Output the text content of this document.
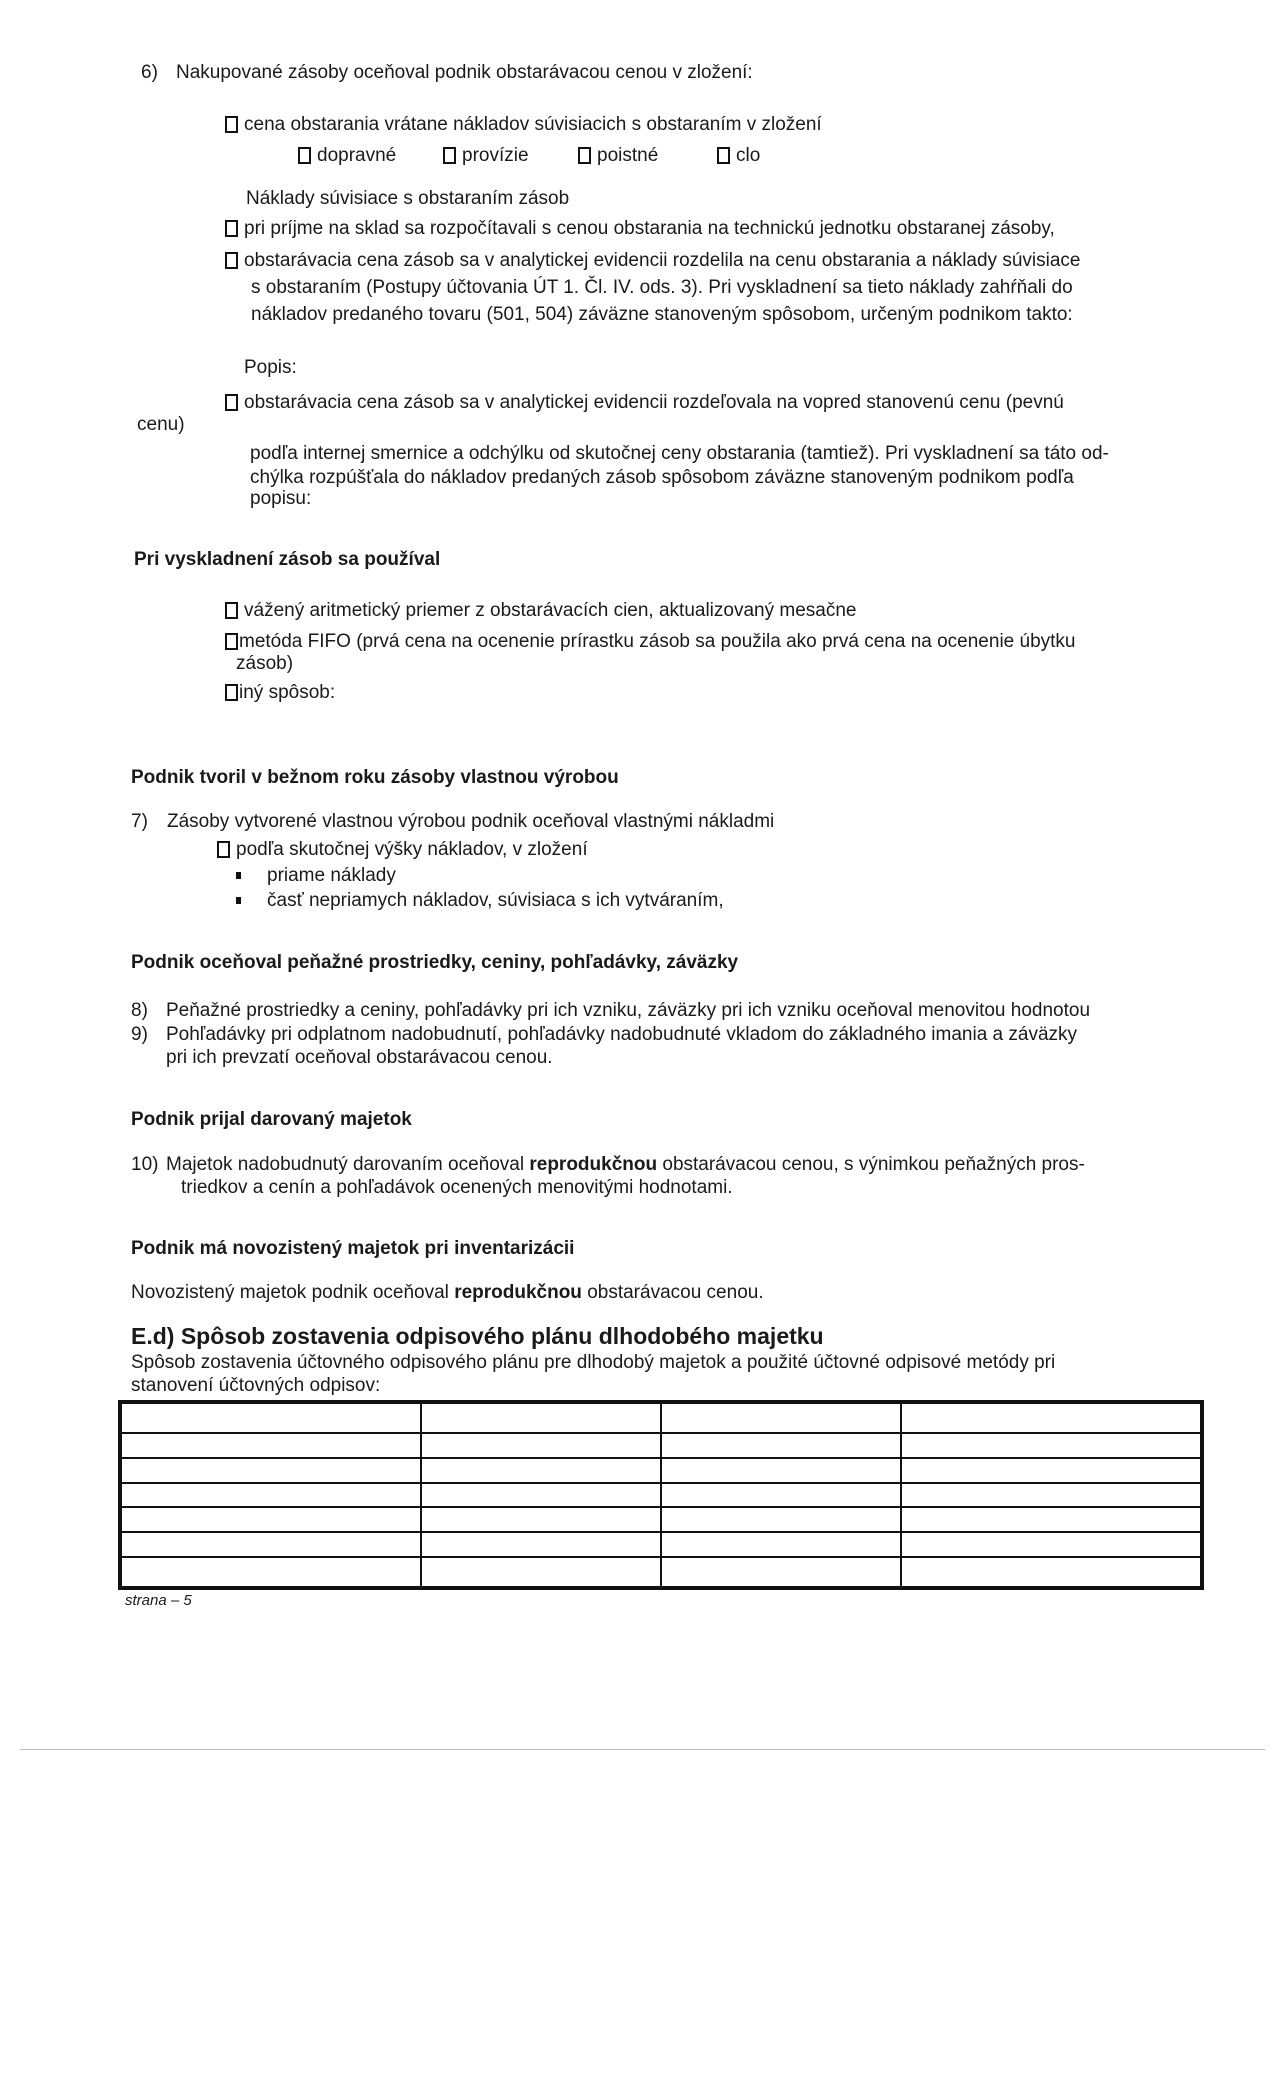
6) Nakupované zásoby oceňoval podnik obstarávacou cenou v zložení:
cena obstarania vrátane nákladov súvisiacich s obstaraním v zložení
dopravné	provízie	poistné	clo
Náklady súvisiace s obstaraním zásob
pri príjme na sklad sa rozpočítavali s cenou obstarania na technickú jednotku obstaranej zásoby,
obstarávacia cena zásob sa v analytickej evidencii rozdelila na cenu obstarania a náklady súvisiace
s obstaraním (Postupy účtovania ÚT 1. Čl. IV. ods. 3). Pri vyskladnení sa tieto náklady zahŕňali do
nákladov predaného tovaru (501, 504) záväzne stanoveným spôsobom, určeným podnikom takto:
Popis:
obstarávacia cena zásob sa v analytickej evidencii rozdeľovala na vopred stanovenú cenu (pevnú
cenu)
podľa internej smernice a odchýlku od skutočnej ceny obstarania (tamtiež). Pri vyskladnení sa táto od-
chýlka rozpúšťala do nákladov predaných zásob spôsobom záväzne stanoveným podnikom podľa
popisu:
Pri vyskladnení zásob sa používal
vážený aritmetický priemer z obstarávacích cien, aktualizovaný mesačne
metóda FIFO (prvá cena na ocenenie prírastku zásob sa použila ako prvá cena na ocenenie úbytku
zásob)
iný spôsob:
Podnik tvoril v bežnom roku zásoby vlastnou výrobou
7) Zásoby vytvorené vlastnou výrobou podnik oceňoval vlastnými nákladmi
podľa skutočnej výšky nákladov, v zložení
priame náklady
časť nepriamych nákladov, súvisiaca s ich vytváraním,
Podnik oceňoval peňažné prostriedky, ceniny, pohľadávky, záväzky
8) Peňažné prostriedky a ceniny, pohľadávky pri ich vzniku, záväzky pri ich vzniku oceňoval menovitou hodnotou
9) Pohľadávky pri odplatnom nadobudnutí, pohľadávky nadobudnuté vkladom do základného imania a záväzky
pri ich prevzatí oceňoval obstarávacou cenou.
Podnik prijal darovaný majetok
10) Majetok nadobudnutý darovaním oceňoval reprodukčnou obstarávacou cenou, s výnimkou peňažných pros-
triedkov a cenín a pohľadávok ocenených menovitými hodnotami.
Podnik má novozistený majetok pri inventarizácii
Novozistený majetok podnik oceňoval reprodukčnou obstarávacou cenou.
E.d) Spôsob zostavenia odpisového plánu dlhodobého majetku
Spôsob zostavenia účtovného odpisového plánu pre dlhodobý majetok a použité účtovné odpisové metódy pri
stanovení účtovných odpisov:

strana – 5
